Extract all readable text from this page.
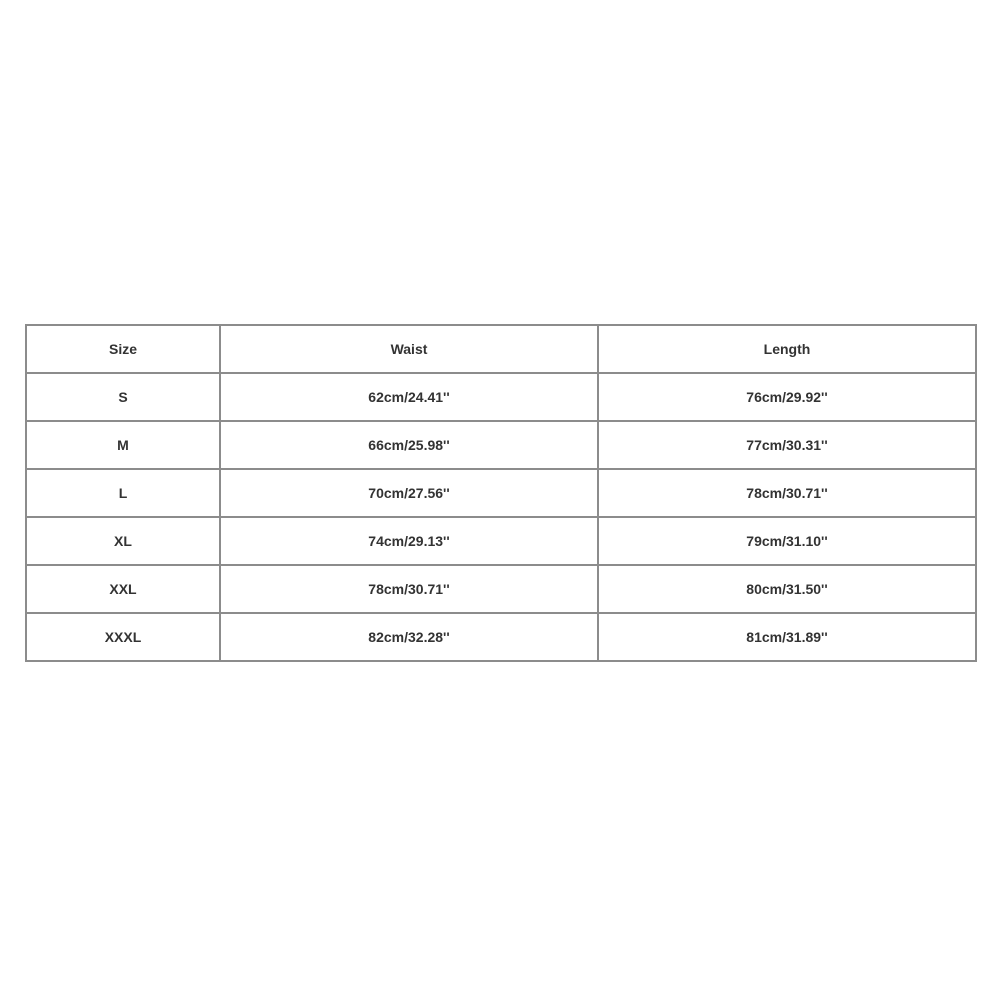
Size	Waist	Length
S	62cm/24.41''	76cm/29.92''
M	66cm/25.98''	77cm/30.31''
L	70cm/27.56''	78cm/30.71''
XL	74cm/29.13''	79cm/31.10''
XXL	78cm/30.71''	80cm/31.50''
XXXL	82cm/32.28''	81cm/31.89''
